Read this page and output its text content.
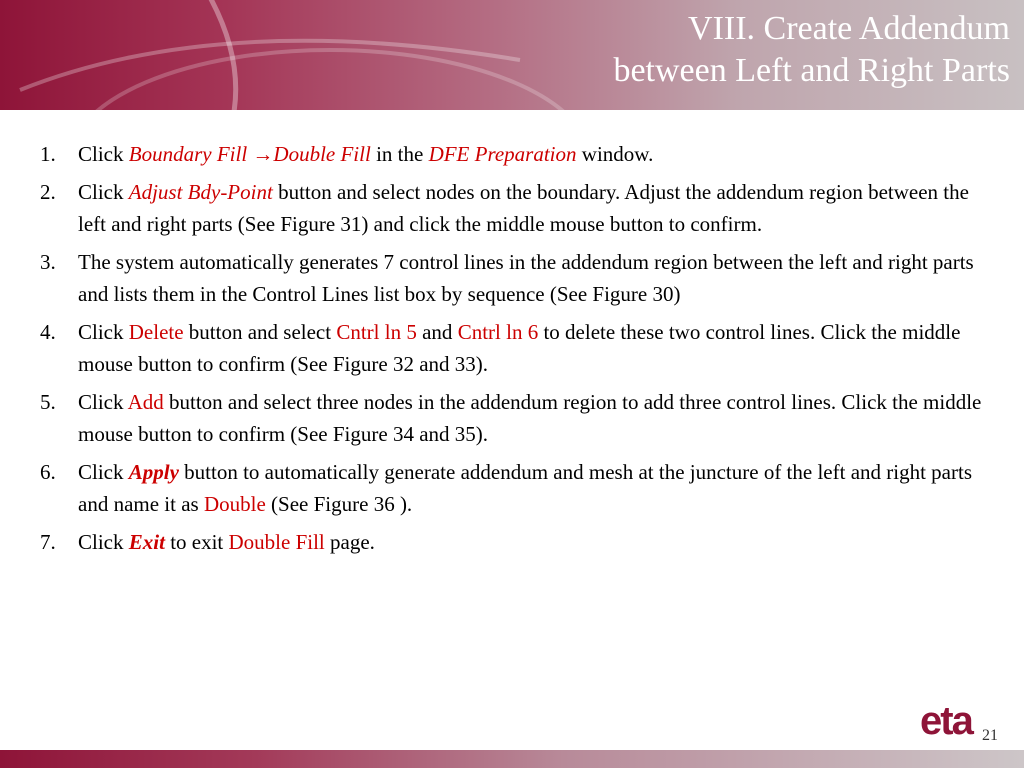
VIII. Create Addendum
between Left and Right Parts
1. Click Boundary Fill →Double Fill in the DFE Preparation window.
2. Click Adjust Bdy-Point button and select nodes on the boundary. Adjust the addendum region between the left and right parts (See Figure 31) and click the middle mouse button to confirm.
3. The system automatically generates 7 control lines in the addendum region between the left and right parts and lists them in the Control Lines list box by sequence (See Figure 30)
4. Click Delete button and select Cntrl ln 5 and Cntrl ln 6 to delete these two control lines. Click the middle mouse button to confirm (See Figure 32 and 33).
5. Click Add button and select three nodes in the addendum region to add three control lines. Click the middle mouse button to confirm (See Figure 34 and 35).
6. Click Apply button to automatically generate addendum and mesh at the juncture of the left and right parts and name it as Double (See Figure 36 ).
7. Click Exit to exit Double Fill page.
eta 21
